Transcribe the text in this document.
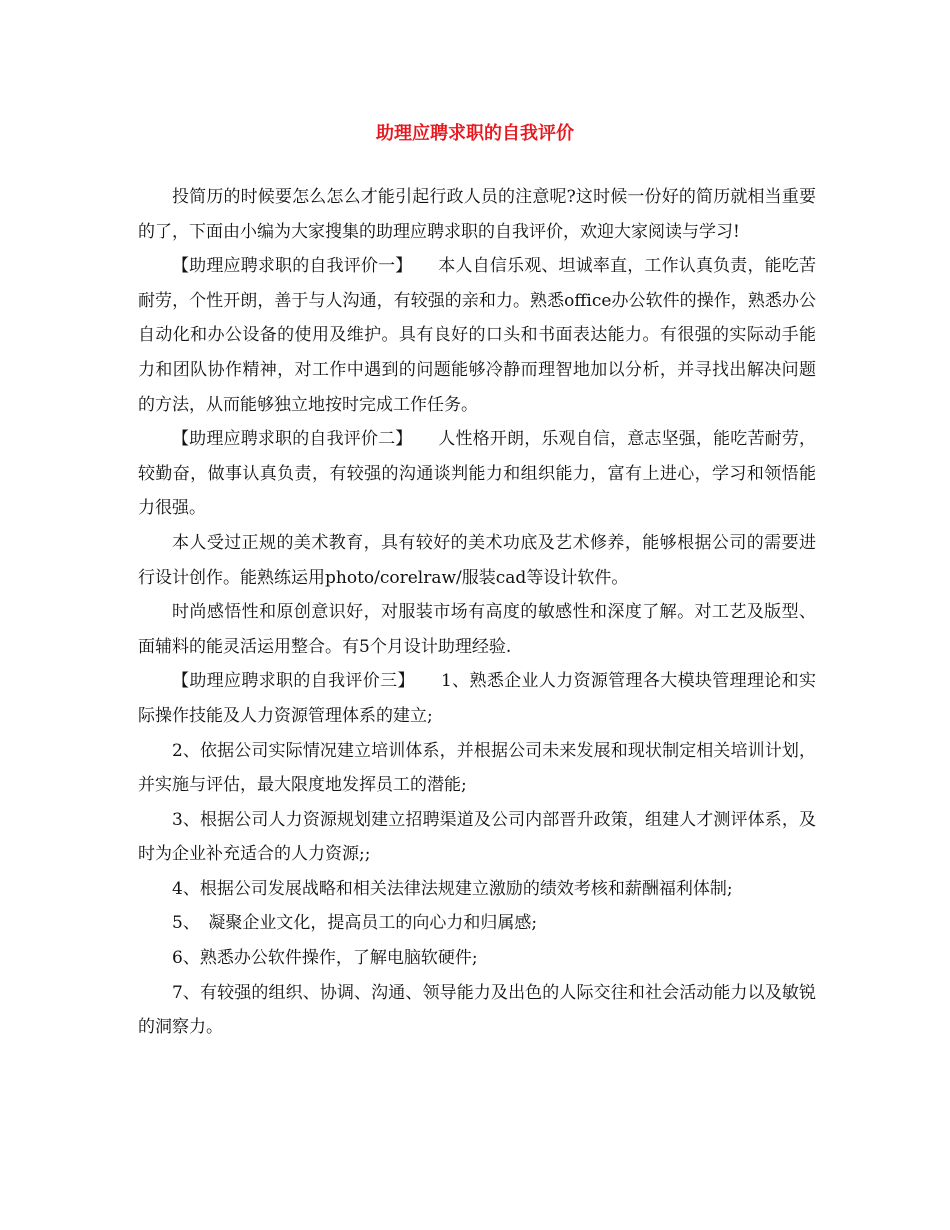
助理应聘求职的自我评价

投简历的时候要怎么怎么才能引起行政人员的注意呢?这时候一份好的简历就相当重要的了，下面由小编为大家搜集的助理应聘求职的自我评价，欢迎大家阅读与学习!

【助理应聘求职的自我评价一】　　本人自信乐观、坦诚率直，工作认真负责，能吃苦耐劳，个性开朗，善于与人沟通，有较强的亲和力。熟悉office办公软件的操作，熟悉办公自动化和办公设备的使用及维护。具有良好的口头和书面表达能力。有很强的实际动手能力和团队协作精神，对工作中遇到的问题能够冷静而理智地加以分析，并寻找出解决问题的方法，从而能够独立地按时完成工作任务。

【助理应聘求职的自我评价二】　　人性格开朗，乐观自信，意志坚强，能吃苦耐劳，较勤奋，做事认真负责，有较强的沟通谈判能力和组织能力，富有上进心，学习和领悟能力很强。

本人受过正规的美术教育，具有较好的美术功底及艺术修养，能够根据公司的需要进行设计创作。能熟练运用photo/corelraw/服装cad等设计软件。

时尚感悟性和原创意识好，对服装市场有高度的敏感性和深度了解。对工艺及版型、面辅料的能灵活运用整合。有5个月设计助理经验.

【助理应聘求职的自我评价三】　　1、熟悉企业人力资源管理各大模块管理理论和实际操作技能及人力资源管理体系的建立;

2、依据公司实际情况建立培训体系，并根据公司未来发展和现状制定相关培训计划，并实施与评估，最大限度地发挥员工的潜能;

3、根据公司人力资源规划建立招聘渠道及公司内部晋升政策，组建人才测评体系，及时为企业补充适合的人力资源;;

4、根据公司发展战略和相关法律法规建立激励的绩效考核和薪酬福利体制;

5、　凝聚企业文化，提高员工的向心力和归属感;

6、熟悉办公软件操作，了解电脑软硬件;

7、有较强的组织、协调、沟通、领导能力及出色的人际交往和社会活动能力以及敏锐的洞察力。
